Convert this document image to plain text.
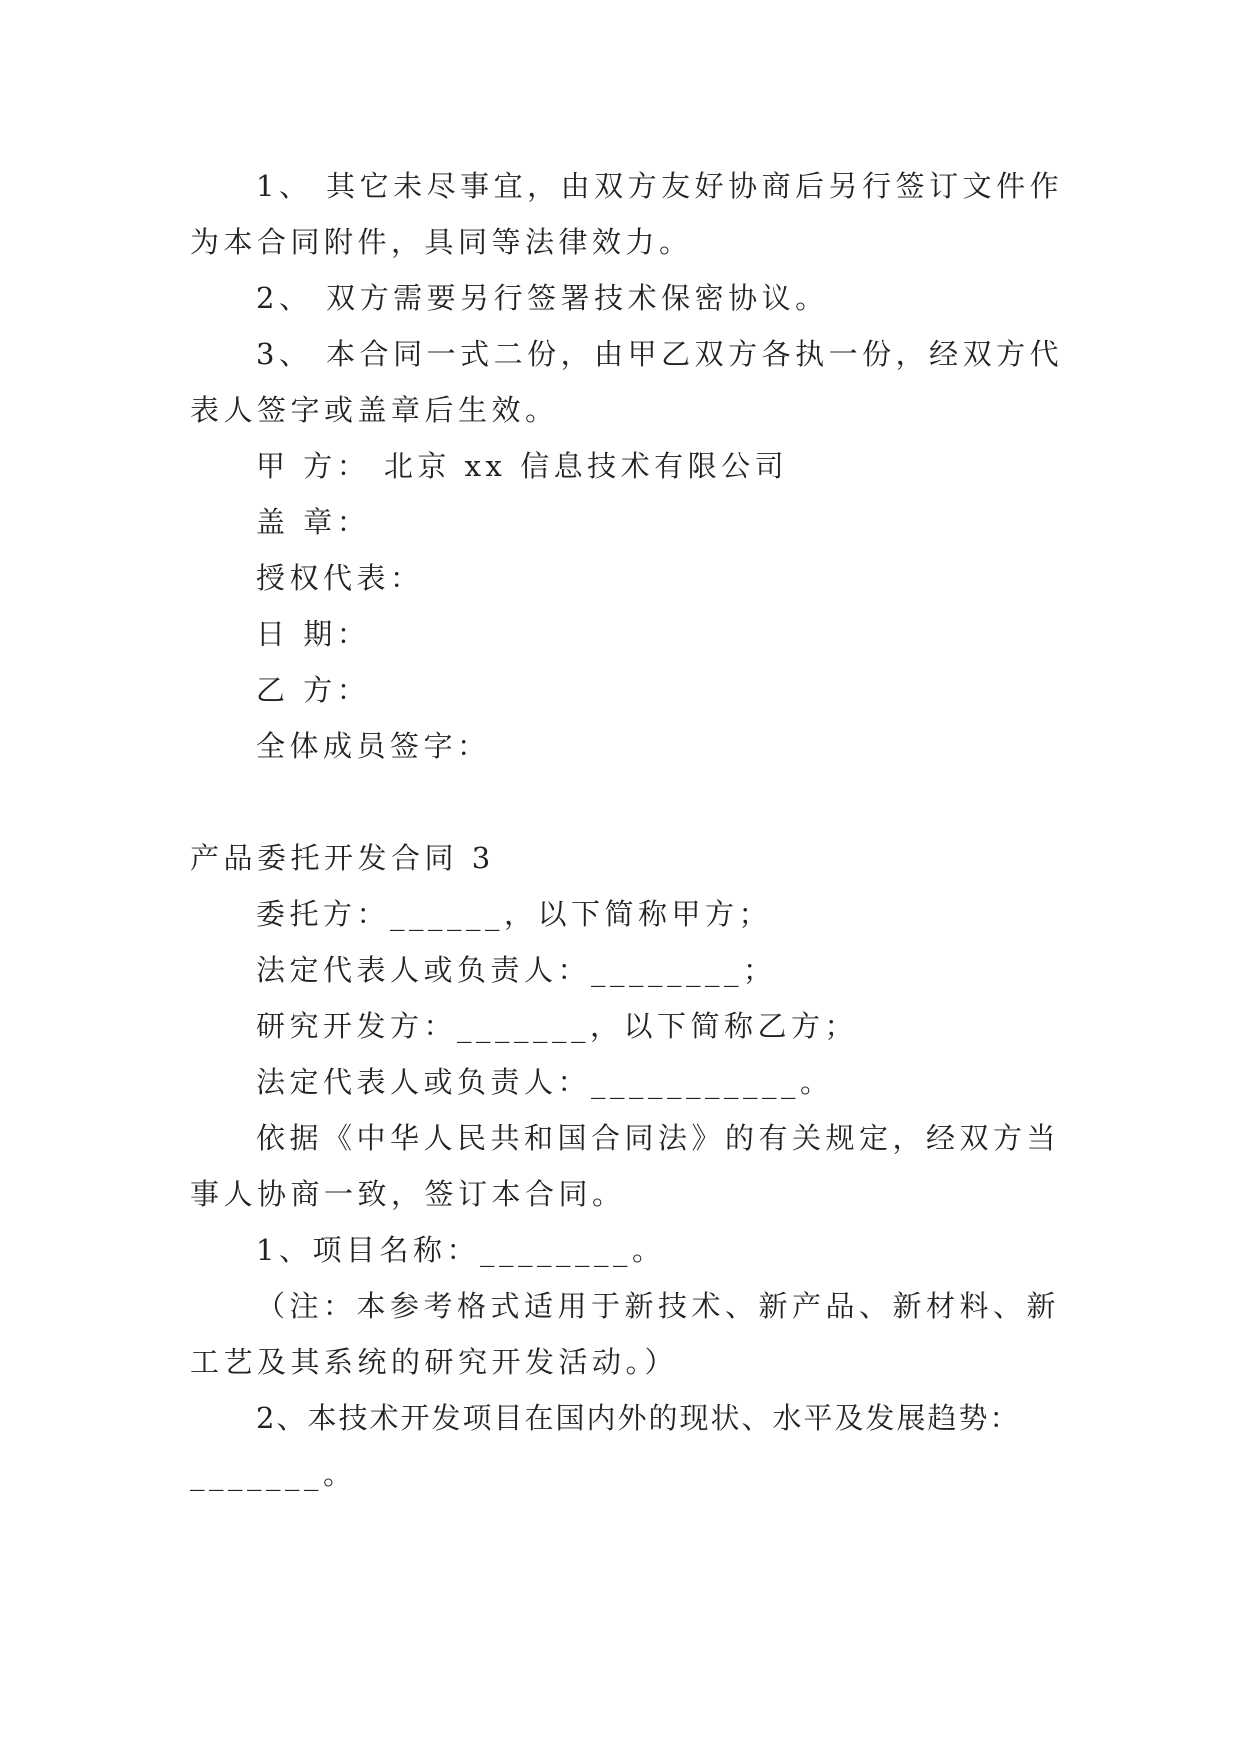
1、 其它未尽事宜，由双方友好协商后另行签订文件作
为本合同附件，具同等法律效力。
2、 双方需要另行签署技术保密协议。
3、 本合同一式二份，由甲乙双方各执一份，经双方代
表人签字或盖章后生效。
甲 方： 北京 xx 信息技术有限公司
盖 章：
授权代表：
日 期：
乙 方：
全体成员签字：
产品委托开发合同 3
委托方：______，以下简称甲方；
法定代表人或负责人：________；
研究开发方：_______，以下简称乙方；
法定代表人或负责人：___________。
依据《中华人民共和国合同法》的有关规定，经双方当
事人协商一致，签订本合同。
1、项目名称：________。
（注：本参考格式适用于新技术、新产品、新材料、新
工艺及其系统的研究开发活动。）
2、本技术开发项目在国内外的现状、水平及发展趋势：
_______。
